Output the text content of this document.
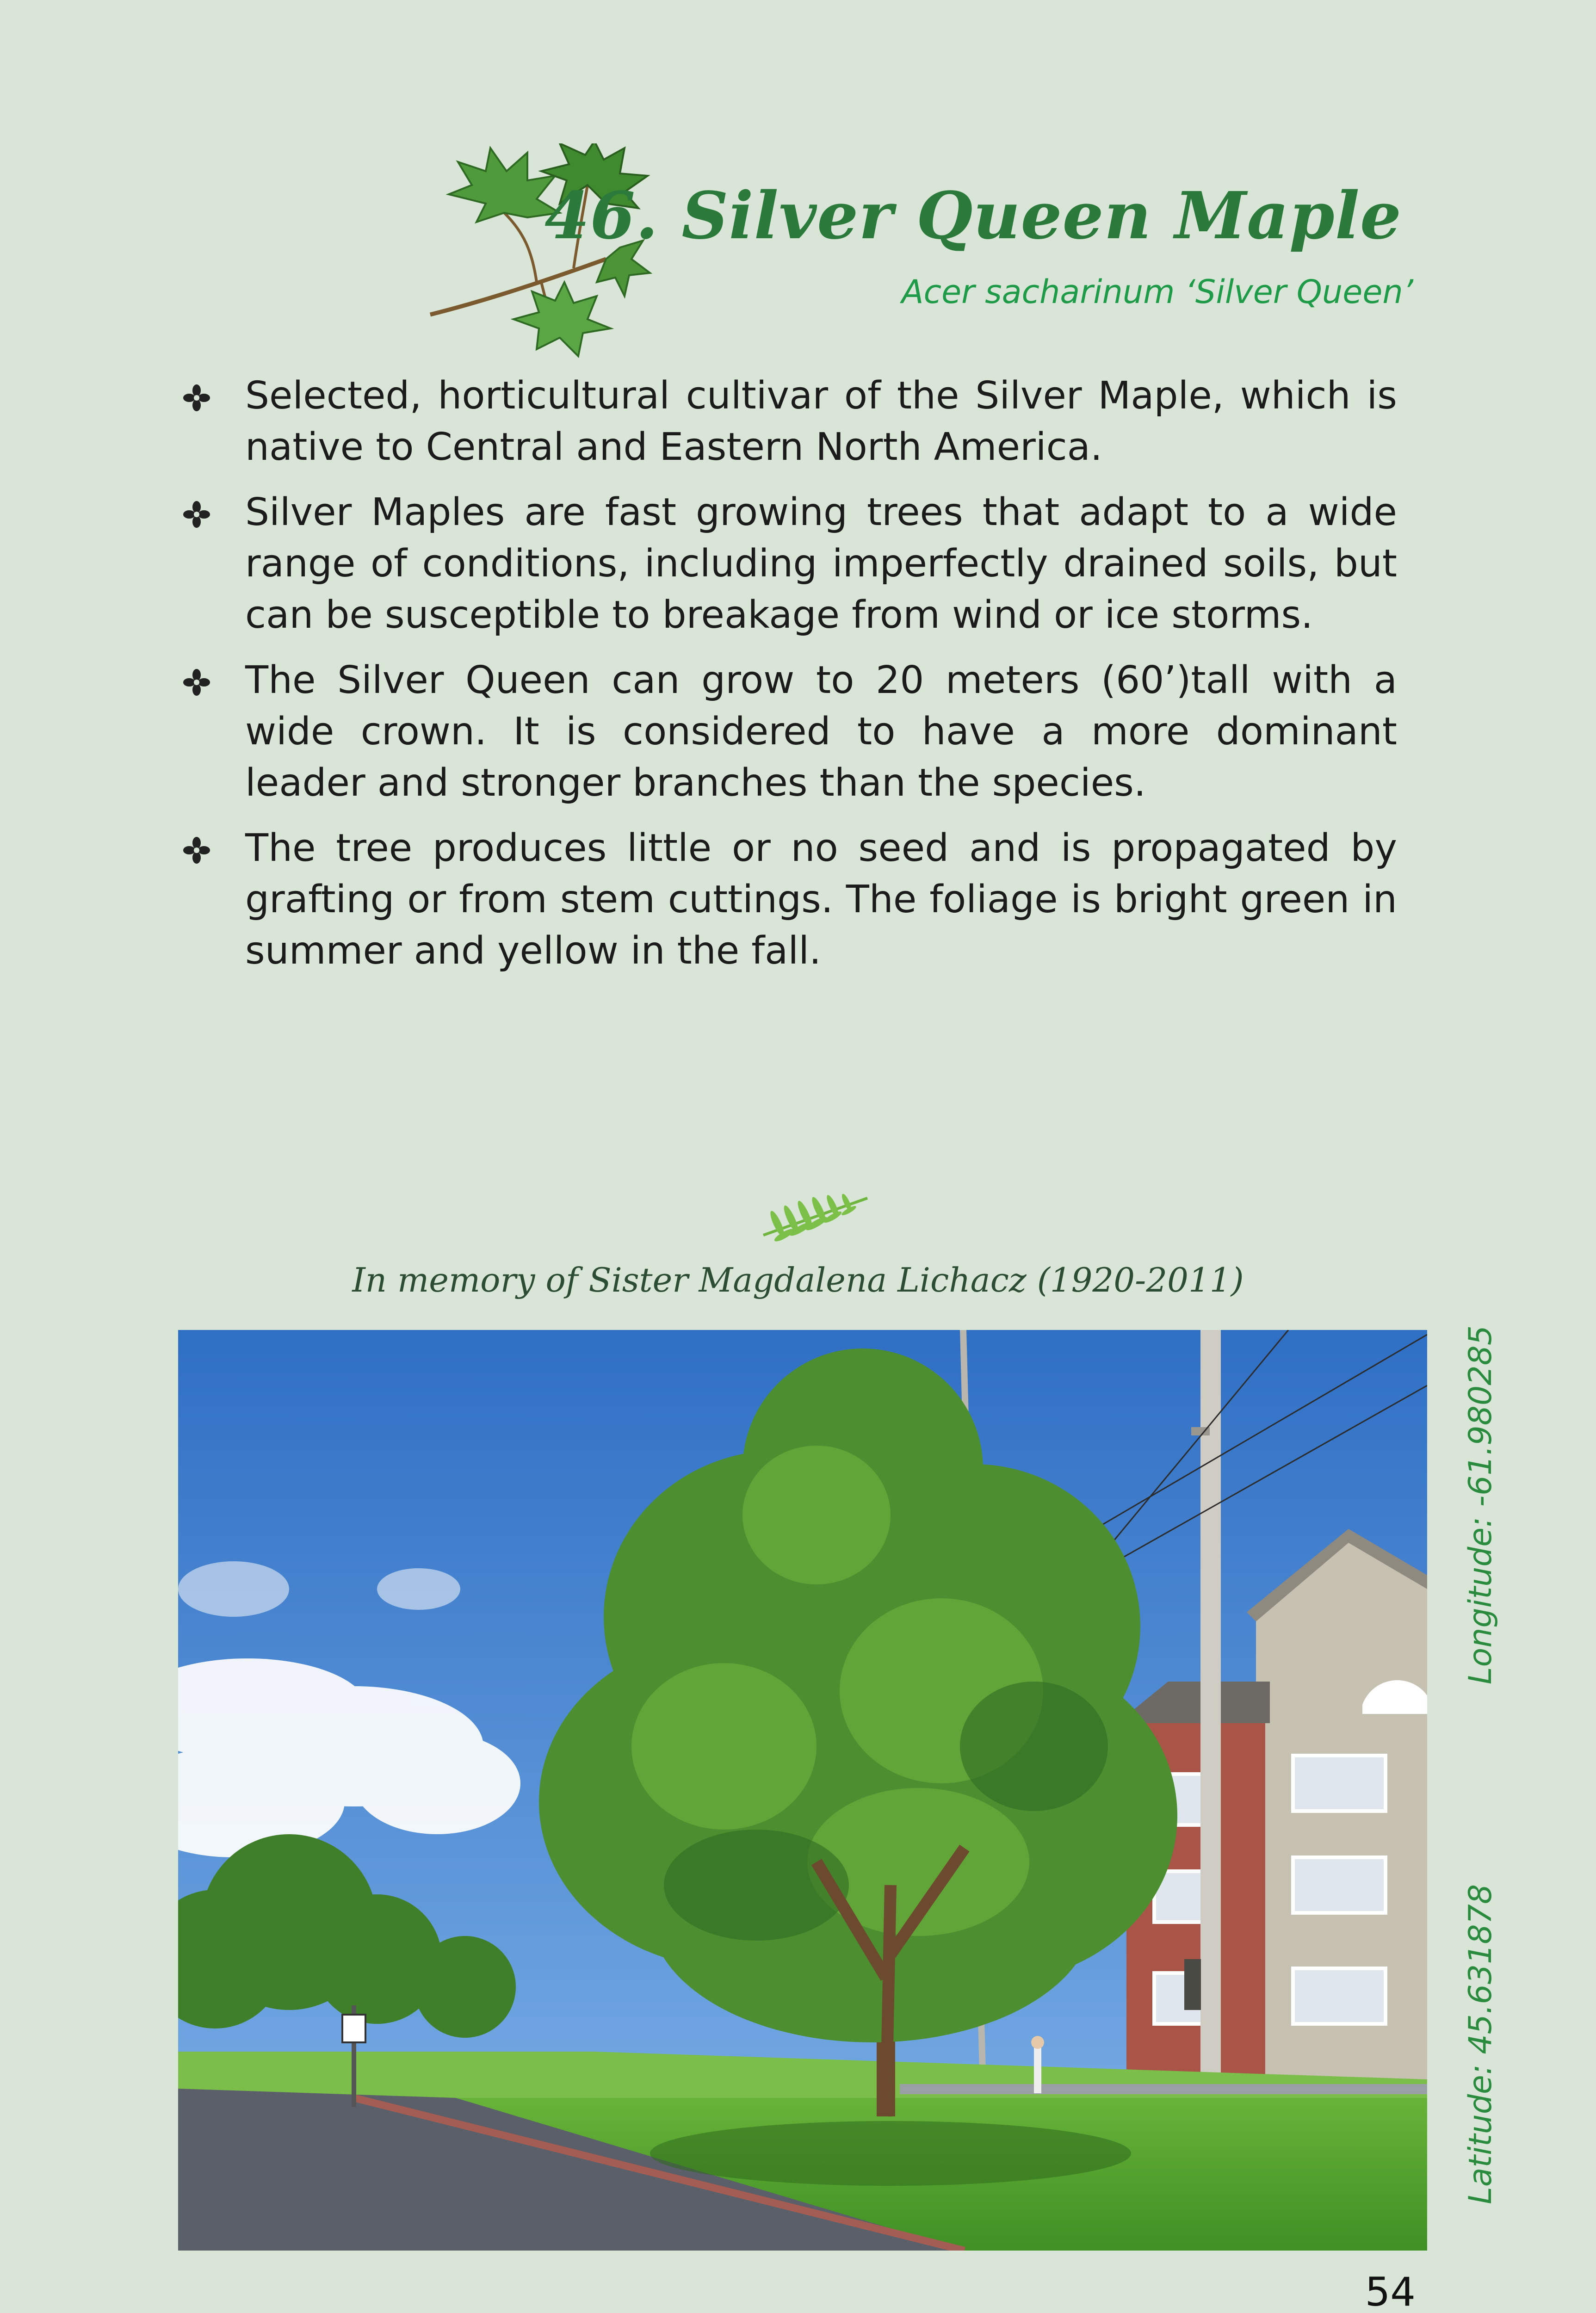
46. Silver Queen Maple
Acer sacharinum ‘Silver Queen’
Selected, horticultural cultivar of the Silver Maple, which is native to Central and Eastern North America.
Silver Maples are fast growing trees that adapt to a wide range of conditions, including imperfectly drained soils, but can be susceptible to breakage from wind or ice storms.
The Silver Queen can grow to 20 meters (60’)tall with a wide crown. It is considered to have a more dominant leader and stronger branches than the species.
The tree produces little or no seed and is propagated by grafting or from stem cuttings. The foliage is bright green in summer and yellow in the fall.
In memory of Sister Magdalena Lichacz (1920-2011)
Latitude: 45.631878
Longitude: -61.980285
54
